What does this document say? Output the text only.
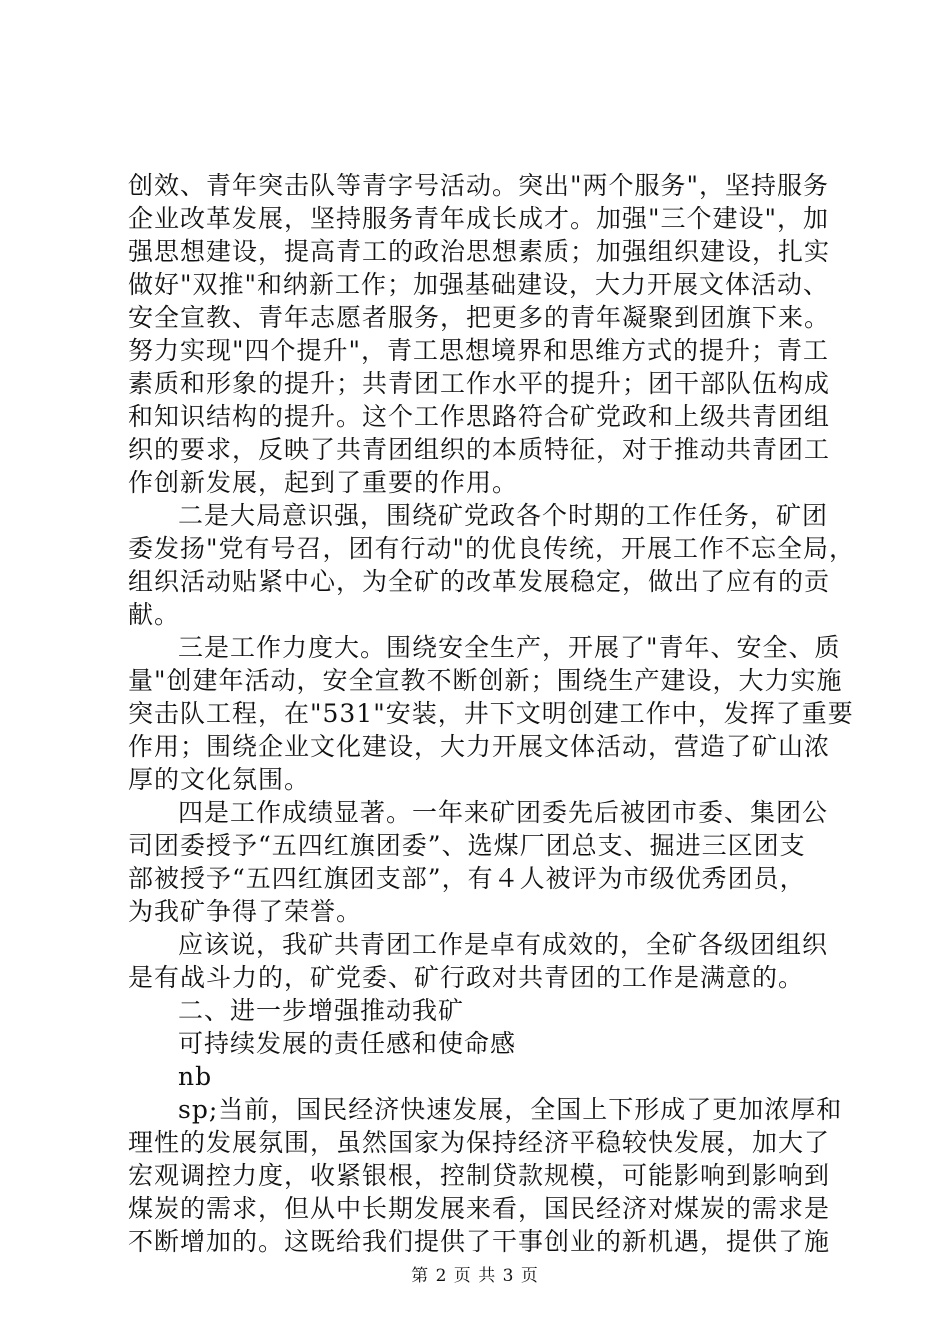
创效、青年突击队等青字号活动。突出"两个服务"，坚持服务
企业改革发展，坚持服务青年成长成才。加强"三个建设"，加
强思想建设，提高青工的政治思想素质；加强组织建设，扎实
做好"双推"和纳新工作；加强基础建设，大力开展文体活动、
安全宣教、青年志愿者服务，把更多的青年凝聚到团旗下来。
努力实现"四个提升"，青工思想境界和思维方式的提升；青工
素质和形象的提升；共青团工作水平的提升；团干部队伍构成
和知识结构的提升。这个工作思路符合矿党政和上级共青团组
织的要求，反映了共青团组织的本质特征，对于推动共青团工
作创新发展，起到了重要的作用。
二是大局意识强，围绕矿党政各个时期的工作任务，矿团
委发扬"党有号召，团有行动"的优良传统，开展工作不忘全局，
组织活动贴紧中心，为全矿的改革发展稳定，做出了应有的贡
献。
三是工作力度大。围绕安全生产，开展了"青年、安全、质
量"创建年活动，安全宣教不断创新；围绕生产建设，大力实施
突击队工程，在"531"安装，井下文明创建工作中，发挥了重要
作用；围绕企业文化建设，大力开展文体活动，营造了矿山浓
厚的文化氛围。
四是工作成绩显著。一年来矿团委先后被团市委、集团公
司团委授予“五四红旗团委”、选煤厂团总支、掘进三区团支
部被授予“五四红旗团支部”，有４人被评为市级优秀团员，
为我矿争得了荣誉。
应该说，我矿共青团工作是卓有成效的，全矿各级团组织
是有战斗力的，矿党委、矿行政对共青团的工作是满意的。
二、进一步增强推动我矿
可持续发展的责任感和使命感
nb
sp;当前，国民经济快速发展，全国上下形成了更加浓厚和
理性的发展氛围，虽然国家为保持经济平稳较快发展，加大了
宏观调控力度，收紧银根，控制贷款规模，可能影响到影响到
煤炭的需求，但从中长期发展来看，国民经济对煤炭的需求是
不断增加的。这既给我们提供了干事创业的新机遇，提供了施
第 2 页 共 3 页
